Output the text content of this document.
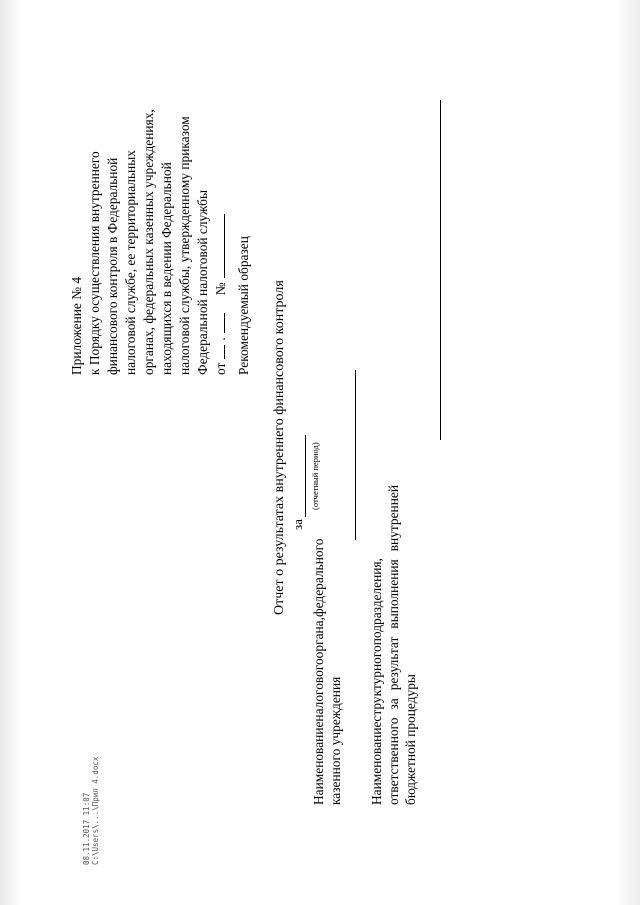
Приложение № 4 к Порядку осуществления внутреннего финансового контроля в Федеральной налоговой службе, ее территориальных органах, федеральных казенных учреждениях, находящихся в ведении Федеральной налоговой службы, утвержденному приказом Федеральной налоговой службы от
.
№ Рекомендуемый образец Отчет о результатах внутреннего финансового контроля за
(отчетный период)
Наименование
налогового
органа,
федерального
казенного учреждения Наименование
структурного
подразделения,
ответственного
за
результат
выполнения
внутренней
бюджетной процедуры
08.11.2017 11:07 C:\Users\...\Прил 4.docx
